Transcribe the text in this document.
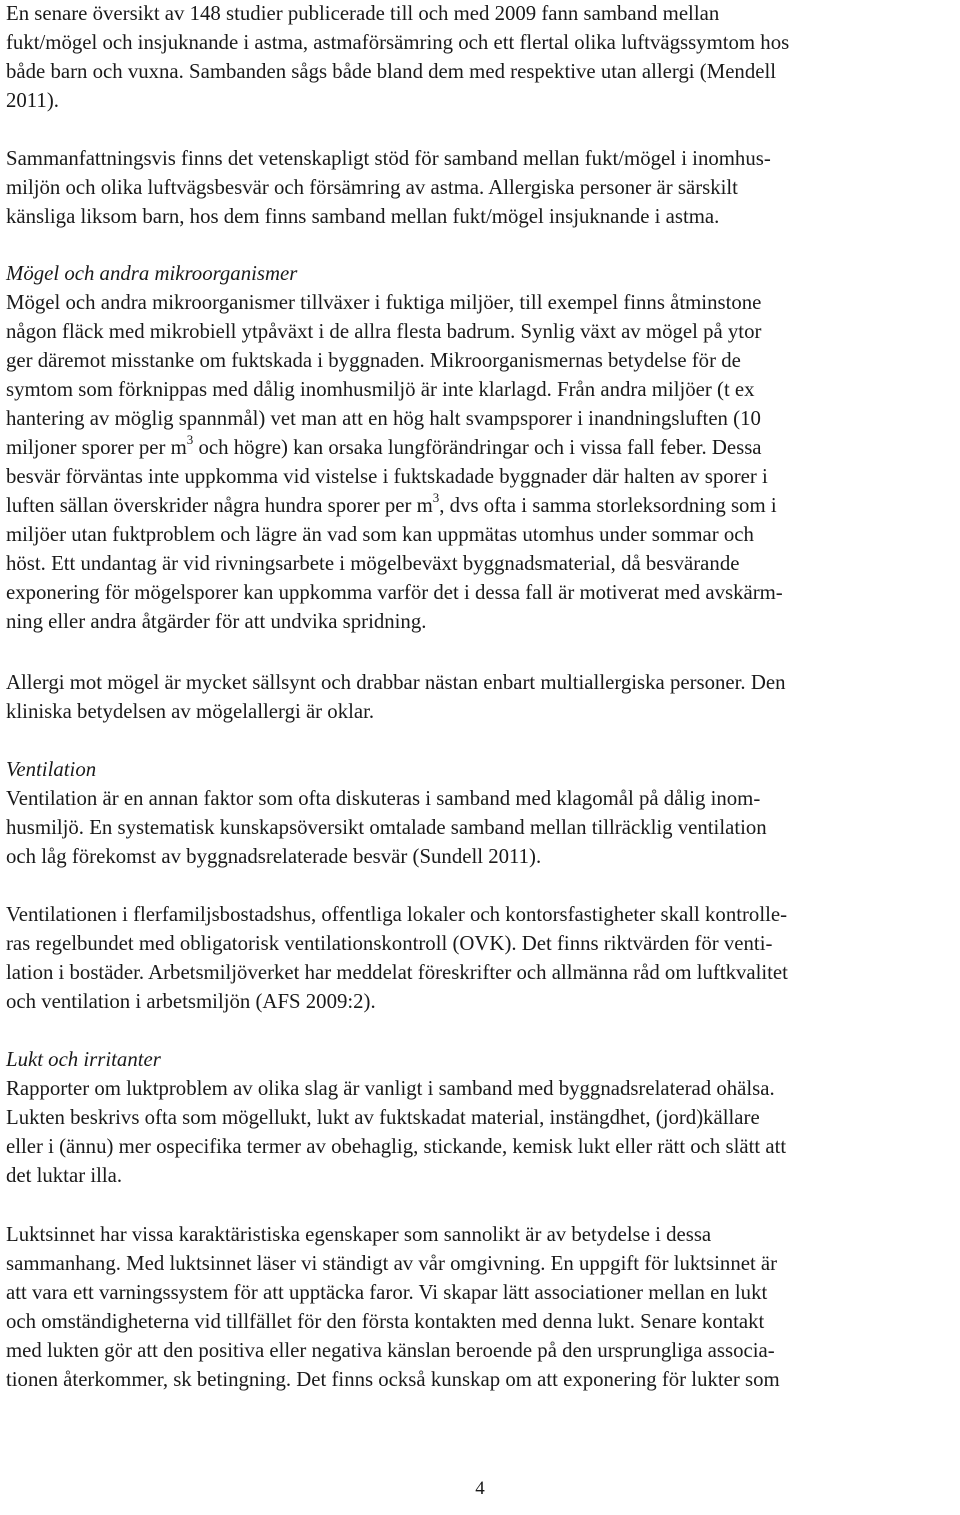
En senare översikt av 148 studier publicerade till och med 2009 fann samband mellan
fukt/mögel och insjuknande i astma, astmaförsämring och ett flertal olika luftvägssymtom hos
både barn och vuxna. Sambanden sågs både bland dem med respektive utan allergi (Mendell
2011).
Sammanfattningsvis finns det vetenskapligt stöd för samband mellan fukt/mögel i inomhus-
miljön och olika luftvägsbesvär och försämring av astma. Allergiska personer är särskilt
känsliga liksom barn, hos dem finns samband mellan fukt/mögel insjuknande i astma.
Mögel och andra mikroorganismer
Mögel och andra mikroorganismer tillväxer i fuktiga miljöer, till exempel finns åtminstone
någon fläck med mikrobiell ytpåväxt i de allra flesta badrum. Synlig växt av mögel på ytor
ger däremot misstanke om fuktskada i byggnaden. Mikroorganismernas betydelse för de
symtom som förknippas med dålig inomhusmiljö är inte klarlagd. Från andra miljöer (t ex
hantering av möglig spannmål) vet man att en hög halt svampsporer i inandningsluften (10
miljoner sporer per $m^3$ och högre) kan orsaka lungförändringar och i vissa fall feber. Dessa
besvär förväntas inte uppkomma vid vistelse i fuktskadade byggnader där halten av sporer i
luften sällan överskrider några hundra sporer per $m^3$, dvs ofta i samma storleksordning som i
miljöer utan fuktproblem och lägre än vad som kan uppmätas utomhus under sommar och
höst. Ett undantag är vid rivningsarbete i mögelbeväxt byggnadsmaterial, då besvärande
exponering för mögelsporer kan uppkomma varför det i dessa fall är motiverat med avskärm-
ning eller andra åtgärder för att undvika spridning.
Allergi mot mögel är mycket sällsynt och drabbar nästan enbart multiallergiska personer. Den
kliniska betydelsen av mögelallergi är oklar.
Ventilation
Ventilation är en annan faktor som ofta diskuteras i samband med klagomål på dålig inom-
husmiljö. En systematisk kunskapsöversikt omtalade samband mellan tillräcklig ventilation
och låg förekomst av byggnadsrelaterade besvär (Sundell 2011).
Ventilationen i flerfamiljsbostadshus, offentliga lokaler och kontorsfastigheter skall kontrolle-
ras regelbundet med obligatorisk ventilationskontroll (OVK). Det finns riktvärden för venti-
lation i bostäder. Arbetsmiljöverket har meddelat föreskrifter och allmänna råd om luftkvalitet
och ventilation i arbetsmiljön (AFS 2009:2).
Lukt och irritanter
Rapporter om luktproblem av olika slag är vanligt i samband med byggnadsrelaterad ohälsa.
Lukten beskrivs ofta som mögellukt, lukt av fuktskadat material, instängdhet, (jord)källare
eller i (ännu) mer ospecifika termer av obehaglig, stickande, kemisk lukt eller rätt och slätt att
det luktar illa.
Luktsinnet har vissa karaktäristiska egenskaper som sannolikt är av betydelse i dessa
sammanhang. Med luktsinnet läser vi ständigt av vår omgivning. En uppgift för luktsinnet är
att vara ett varningssystem för att upptäcka faror. Vi skapar lätt associationer mellan en lukt
och omständigheterna vid tillfället för den första kontakten med denna lukt. Senare kontakt
med lukten gör att den positiva eller negativa känslan beroende på den ursprungliga associa-
tionen återkommer, sk betingning. Det finns också kunskap om att exponering för lukter som
4
